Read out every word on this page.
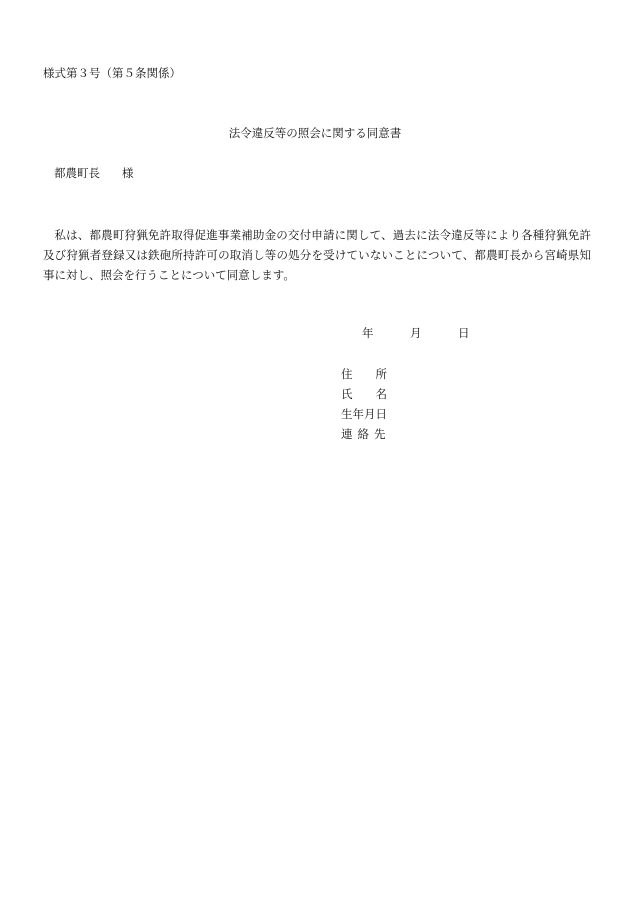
様式第３号（第５条関係）
法令違反等の照会に関する同意書
都農町長 様
私は、都農町狩猟免許取得促進事業補助金の交付申請に関して、過去に法令違反等により各種狩猟免許及び狩猟者登録又は鉄砲所持許可の取消し等の処分を受けていないことについて、都農町長から宮崎県知事に対し、照会を行うことについて同意します。
年	月	日
住所
氏名
生年月日
連絡先
